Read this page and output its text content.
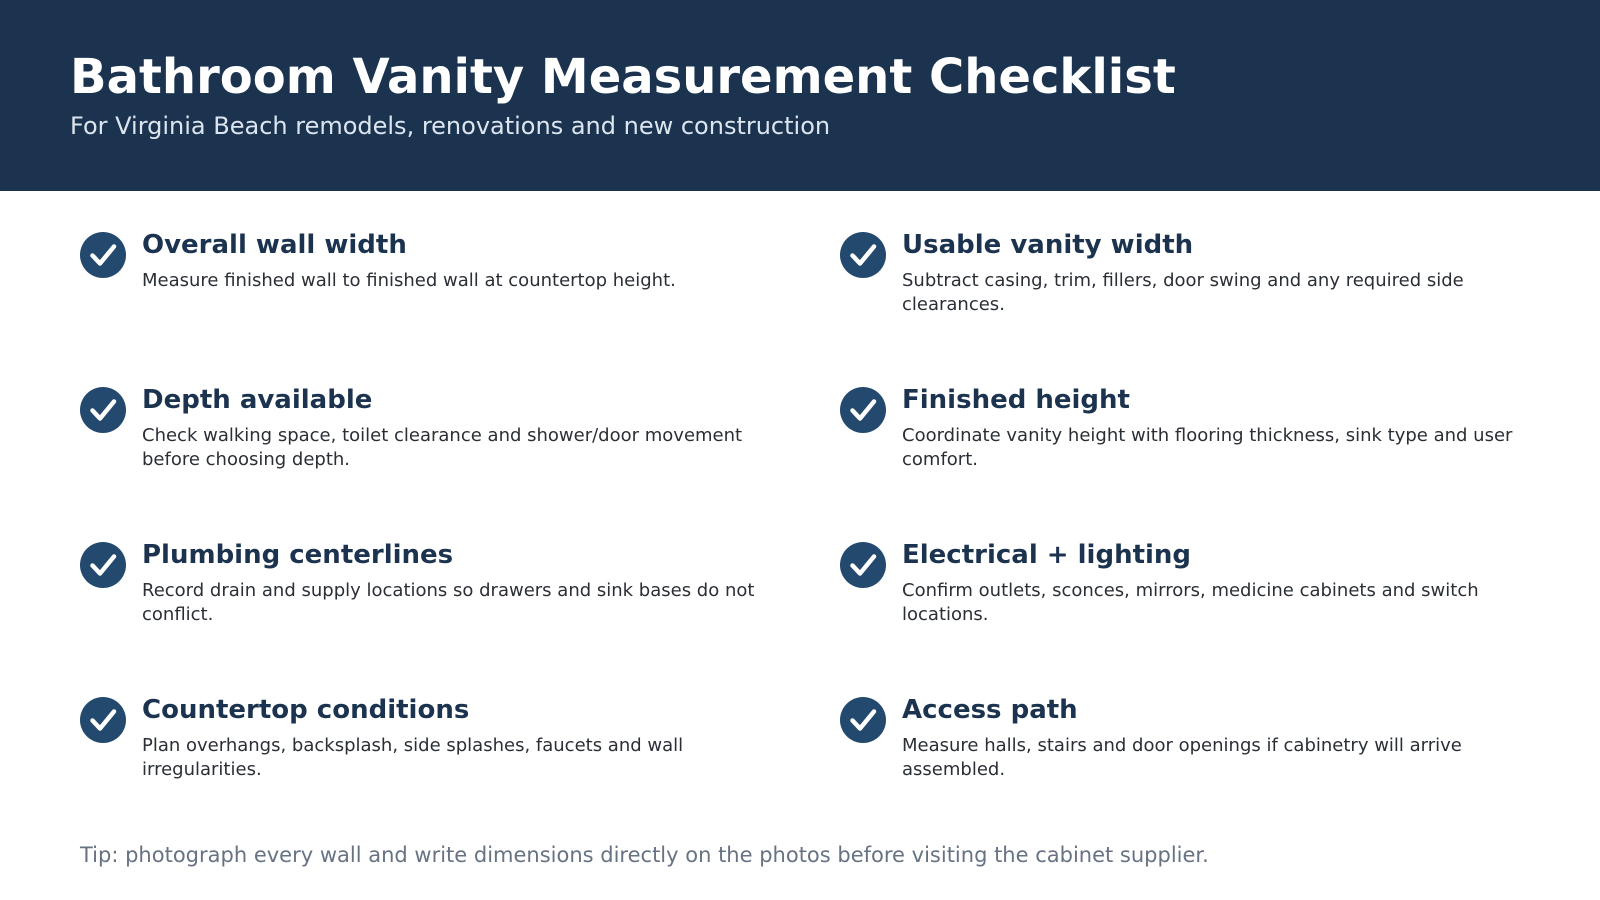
Bathroom Vanity Measurement Checklist
For Virginia Beach remodels, renovations and new construction
Overall wall width
Measure finished wall to finished wall at countertop height.
Usable vanity width
Subtract casing, trim, fillers, door swing and any required side clearances.
Depth available
Check walking space, toilet clearance and shower/door movement before choosing depth.
Finished height
Coordinate vanity height with flooring thickness, sink type and user comfort.
Plumbing centerlines
Record drain and supply locations so drawers and sink bases do not conflict.
Electrical + lighting
Confirm outlets, sconces, mirrors, medicine cabinets and switch locations.
Countertop conditions
Plan overhangs, backsplash, side splashes, faucets and wall irregularities.
Access path
Measure halls, stairs and door openings if cabinetry will arrive assembled.
Tip: photograph every wall and write dimensions directly on the photos before visiting the cabinet supplier.
